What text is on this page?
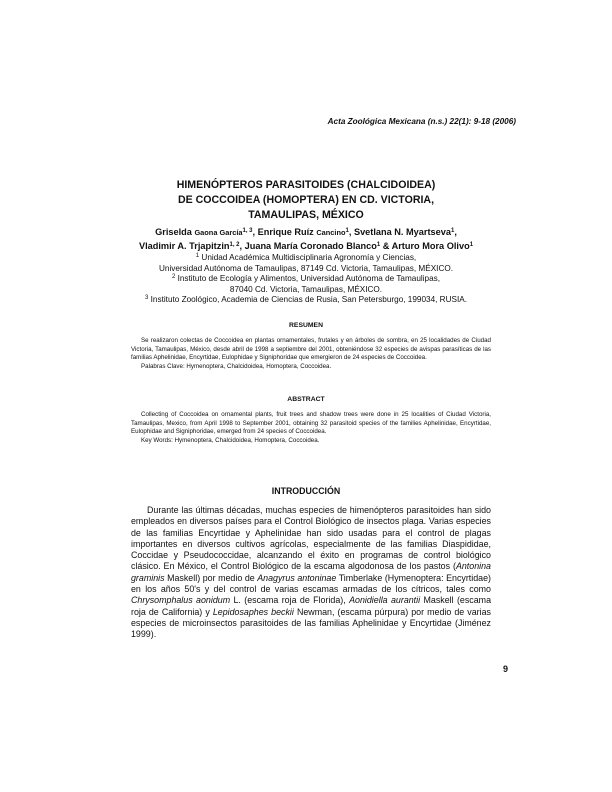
Acta Zoológica Mexicana (n.s.) 22(1): 9-18 (2006)
HIMENÓPTEROS PARASITOIDES (CHALCIDOIDEA)
DE COCCOIDEA (HOMOPTERA) EN CD. VICTORIA,
TAMAULIPAS, MÉXICO
Griselda Gaona García$^{1, 3}$, Enrique Ruíz Cancino$^1$, Svetlana N. Myartseva$^1$,
Vladimir A. Trjapitzin$^{1, 2}$, Juana María Coronado Blanco$^1$ & Arturo Mora Olivo$^1$
$^1$ Unidad Académica Multidisciplinaria Agronomía y Ciencias,
Universidad Autónoma de Tamaulipas, 87149 Cd. Victoria, Tamaulipas, MÉXICO.
$^2$ Instituto de Ecología y Alimentos, Universidad Autónoma de Tamaulipas,
87040 Cd. Victoria, Tamaulipas, MÉXICO.
$^3$ Instituto Zoológico, Academia de Ciencias de Rusia, San Petersburgo, 199034, RUSIA.
RESUMEN

Se realizaron colectas de Coccoidea en plantas ornamentales, frutales y en árboles de sombra, en 25 localidades de Ciudad Victoria, Tamaulipas, México, desde abril de 1998 a septiembre del 2001, obteniéndose 32 especies de avispas parasíticas de las familias Aphelinidae, Encyrtidae, Eulophidae y Signiphoridae que emergieron de 24 especies de Coccoidea.

Palabras Clave: Hymenoptera, Chalcidoidea, Homoptera, Coccoidea.

ABSTRACT

Collecting of Coccoidea on ornamental plants, fruit trees and shadow trees were done in 25 localities of Ciudad Victoria, Tamaulipas, Mexico, from April 1998 to September 2001, obtaining 32 parasitoid species of the families Aphelinidae, Encyrtidae, Eulophidae and Signiphoridae, emerged from 24 species of Coccoidea.

Key Words: Hymenoptera, Chalcidoidea, Homoptera, Coccoidea.

INTRODUCCIÓN

Durante las últimas décadas, muchas especies de himenópteros parasitoides han sido empleados en diversos países para el Control Biológico de insectos plaga. Varias especies de las familias Encyrtidae y Aphelinidae han sido usadas para el control de plagas importantes en diversos cultivos agrícolas, especialmente de las familias Diaspididae, Coccidae y Pseudococcidae, alcanzando el éxito en programas de control biológico clásico. En México, el Control Biológico de la escama algodonosa de los pastos (Antonina graminis Maskell) por medio de Anagyrus antoninae Timberlake (Hymenoptera: Encyrtidae) en los años 50's y del control de varias escamas armadas de los cítricos, tales como Chrysomphalus aonidum L. (escama roja de Florida), Aonidiella aurantii Maskell (escama roja de California) y Lepidosaphes beckii Newman, (escama púrpura) por medio de varias especies de microinsectos parasitoides de las familias Aphelinidae y Encyrtidae (Jiménez 1999).

9
